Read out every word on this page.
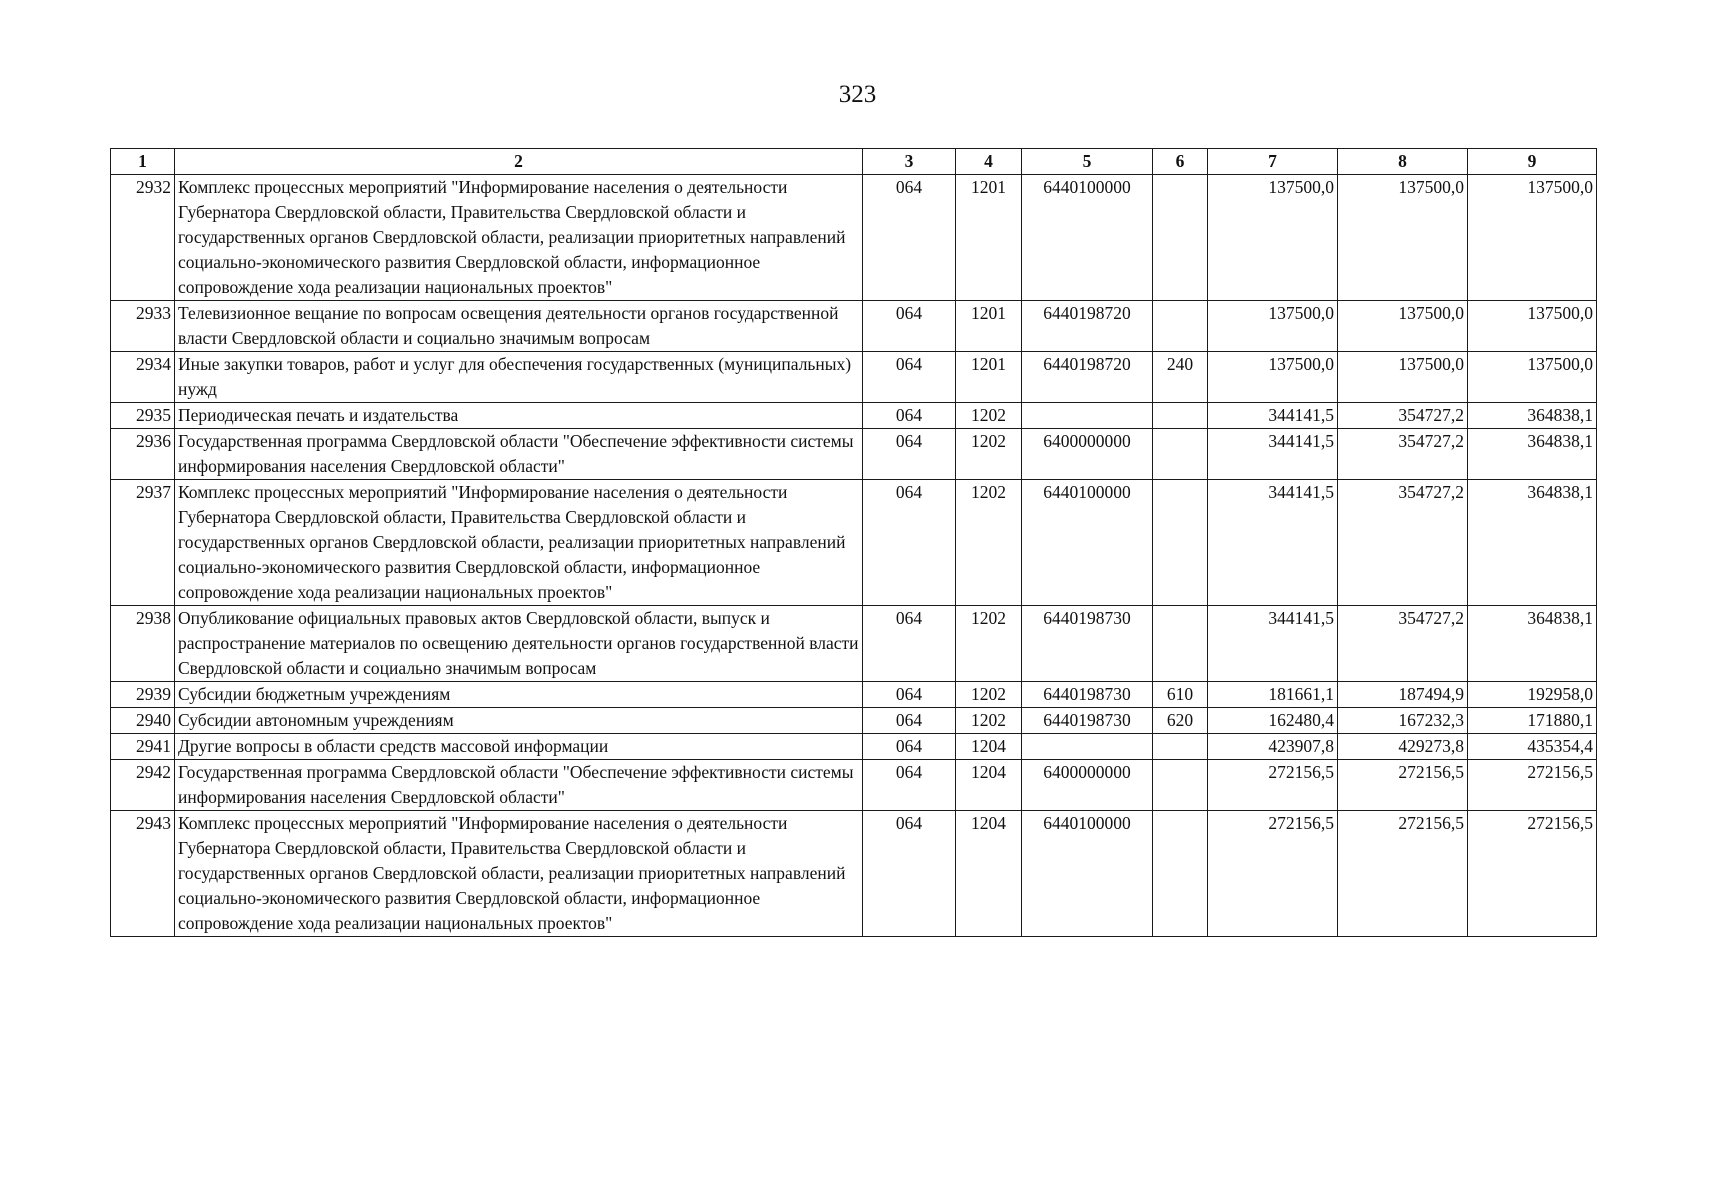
323
1	2	3	4	5	6	7	8	9
2932	Комплекс процессных мероприятий "Информирование населения о деятельности Губернатора Свердловской области, Правительства Свердловской области и государственных органов Свердловской области, реализации приоритетных направлений социально-экономического развития Свердловской области, информационное сопровождение хода реализации национальных проектов"	064	1201	6440100000		137500,0	137500,0	137500,0
2933	Телевизионное вещание по вопросам освещения деятельности органов государственной власти Свердловской области и социально значимым вопросам	064	1201	6440198720		137500,0	137500,0	137500,0
2934	Иные закупки товаров, работ и услуг для обеспечения государственных (муниципальных) нужд	064	1201	6440198720	240	137500,0	137500,0	137500,0
2935	Периодическая печать и издательства	064	1202			344141,5	354727,2	364838,1
2936	Государственная программа Свердловской области "Обеспечение эффективности системы информирования населения Свердловской области"	064	1202	6400000000		344141,5	354727,2	364838,1
2937	Комплекс процессных мероприятий "Информирование населения о деятельности Губернатора Свердловской области, Правительства Свердловской области и государственных органов Свердловской области, реализации приоритетных направлений социально-экономического развития Свердловской области, информационное сопровождение хода реализации национальных проектов"	064	1202	6440100000		344141,5	354727,2	364838,1
2938	Опубликование официальных правовых актов Свердловской области, выпуск и распространение материалов по освещению деятельности органов государственной власти Свердловской области и социально значимым вопросам	064	1202	6440198730		344141,5	354727,2	364838,1
2939	Субсидии бюджетным учреждениям	064	1202	6440198730	610	181661,1	187494,9	192958,0
2940	Субсидии автономным учреждениям	064	1202	6440198730	620	162480,4	167232,3	171880,1
2941	Другие вопросы в области средств массовой информации	064	1204			423907,8	429273,8	435354,4
2942	Государственная программа Свердловской области "Обеспечение эффективности системы информирования населения Свердловской области"	064	1204	6400000000		272156,5	272156,5	272156,5
2943	Комплекс процессных мероприятий "Информирование населения о деятельности Губернатора Свердловской области, Правительства Свердловской области и государственных органов Свердловской области, реализации приоритетных направлений социально-экономического развития Свердловской области, информационное сопровождение хода реализации национальных проектов"	064	1204	6440100000		272156,5	272156,5	272156,5
